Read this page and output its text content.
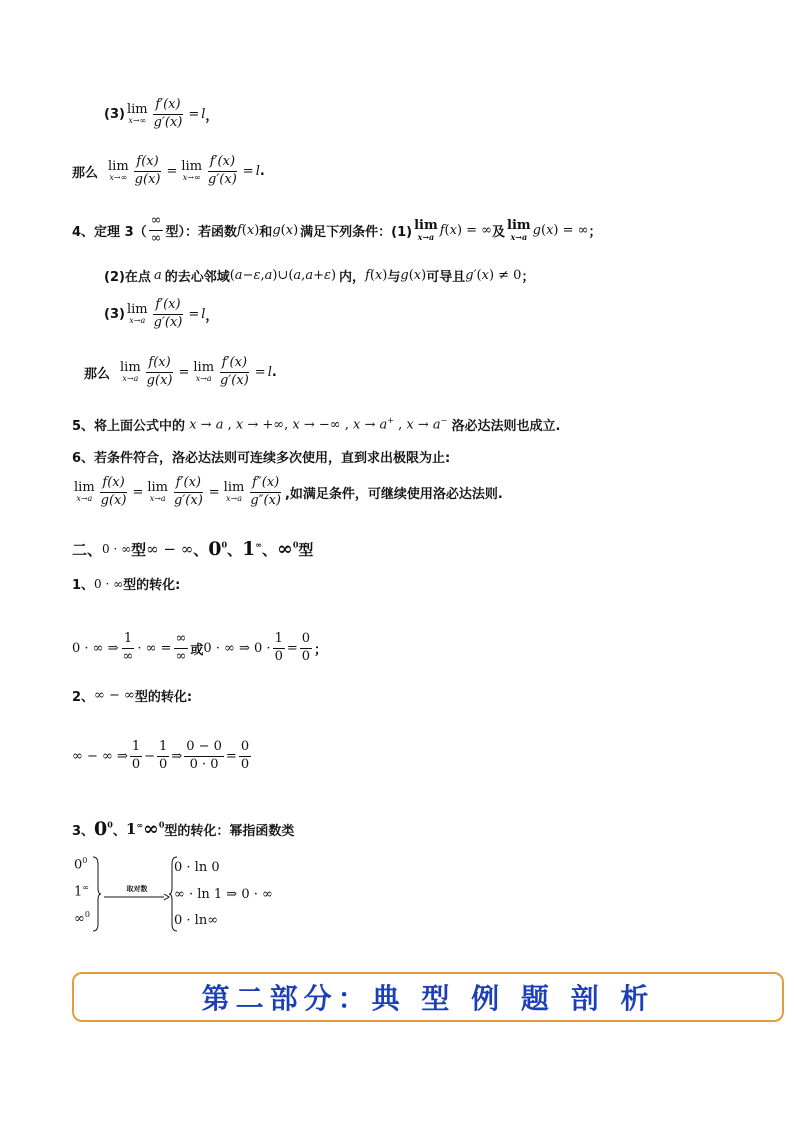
(3) lim
$x\to\infty \frac{f'(x)}{g'(x)} = l$ ，
那么 lim
$x\to\infty \frac{f(x)}{g(x)} = \lim$
$x\to\infty \frac{f'(x)}{g'(x)} = l$ .
4、定理 3（
∞
∞ 型）：若函数 f ( x ) 和 g ( x ) 满足下列条件：(1) lim
x→a f ( x ) = ∞ 及 lim
x→a g ( x ) = ∞ ；
(2)在点 a 的去心邻域 ( a − ε , a )∪( a , a + ε ) 内， f ( x ) 与 g ( x ) 可导且 g′ ( x ) ≠ 0 ；
(3) lim
$x\to a \frac{f'(x)}{g'(x)} = l$ ，
那么 lim
$x\to a \frac{f(x)}{g(x)} = \lim$
$x\to a \frac{f'(x)}{g'(x)} = l$ .
5、将上面公式中的 x → a , x → +∞, x → −∞ , x → a+ , x → a− 洛必达法则也成立.
6、若条件符合，洛必达法则可连续多次使用，直到求出极限为止:
lim
$x\to a \frac{f(x)}{g(x)} = \lim$
$x\to a \frac{f'(x)}{g'(x)} = \lim$
x→a
f″(x)
g″(x) ,如满足条件，可继续使用洛必达法则.
二、 0 · ∞ 型 ∞ − ∞ 、 $0^0$ 、 1∞ 、 ∞$^0$ 型
1、 0 · ∞ 型的转化:
0 · ∞ ⇒
1
∞
· ∞ =
∞
∞ 或 0 · ∞ ⇒ $0 \cdot \frac{1}{0} = \frac{0}{0}$ ；
2、 ∞ − ∞ 型的转化:
∞ − ∞ ⇒
1
0
− $\frac{1}{0}$ ⇒ $\frac{0 - 0}{0 \cdot 0} = \frac{0}{0}$
3、 $0^0$ 、 1∞ ∞$^0$ 型的转化：幂指函数类
$0^0$
1∞
∞$^0$
取对数
0 · ln 0
∞ · ln 1 ⇒ 0 · ∞
0 · ln∞
第二部分：典 型 例 题 剖 析
